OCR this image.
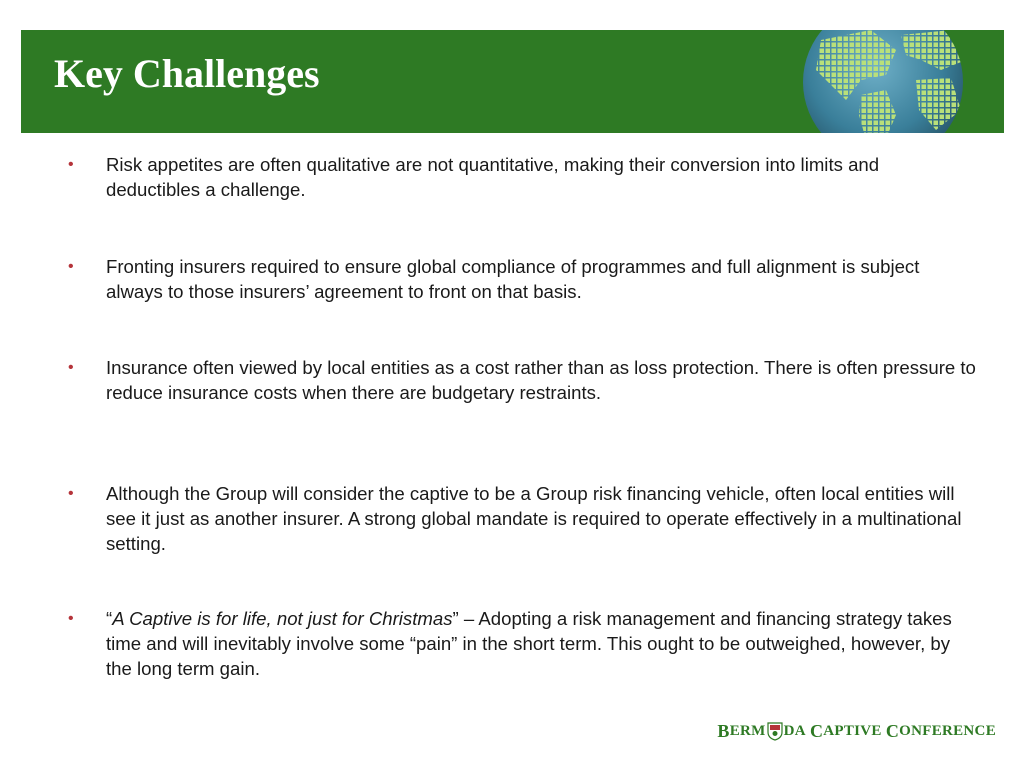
Key Challenges
• Risk appetites are often qualitative are not quantitative, making their conversion into limits and deductibles a challenge.
• Fronting insurers required to ensure global compliance of programmes and full alignment is subject always to those insurers’ agreement to front on that basis.
• Insurance often viewed by local entities as a cost rather than as loss protection. There is often pressure to reduce insurance costs when there are budgetary restraints.
• Although the Group will consider the captive to be a Group risk financing vehicle, often local entities will see it just as another insurer. A strong global mandate is required to operate effectively in a multinational setting.
• “A Captive is for life, not just for Christmas” – Adopting a risk management and financing strategy takes time and will inevitably involve some “pain” in the short term. This ought to be outweighed, however, by the long term gain.
B ERM DA
C APTIVE
C ONFERENCE
